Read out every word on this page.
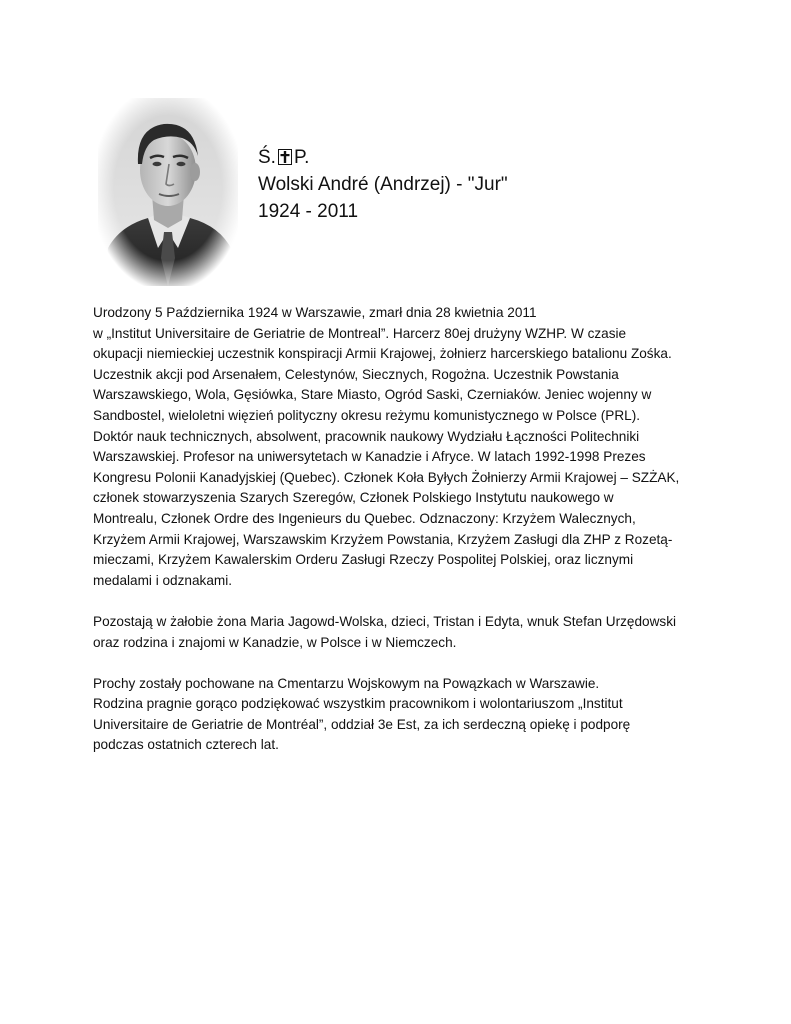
Ś. P.
Wolski André (Andrzej) - "Jur"
1924 - 2011

Urodzony 5 Października 1924 w Warszawie, zmarł dnia 28 kwietnia 2011

w „Institut Universitaire de Geriatrie de Montreal”. Harcerz 80ej drużyny WZHP. W czasie

okupacji niemieckiej uczestnik konspiracji Armii Krajowej, żołnierz harcerskiego batalionu Zośka.

Uczestnik akcji pod Arsenałem, Celestynów, Siecznych, Rogożna. Uczestnik Powstania

Warszawskiego, Wola, Gęsiówka, Stare Miasto, Ogród Saski, Czerniaków. Jeniec wojenny w

Sandbostel, wieloletni więzień polityczny okresu reżymu komunistycznego w Polsce (PRL).

Doktór nauk technicznych, absolwent, pracownik naukowy Wydziału Łączności Politechniki

Warszawskiej. Profesor na uniwersytetach w Kanadzie i Afryce. W latach 1992-1998 Prezes

Kongresu Polonii Kanadyjskiej (Quebec). Członek Koła Byłych Żołnierzy Armii Krajowej – SZŻAK,

członek stowarzyszenia Szarych Szeregów, Członek Polskiego Instytutu naukowego w

Montrealu, Członek Ordre des Ingenieurs du Quebec. Odznaczony: Krzyżem Walecznych,

Krzyżem Armii Krajowej, Warszawskim Krzyżem Powstania, Krzyżem Zasługi dla ZHP z Rozetą-

mieczami, Krzyżem Kawalerskim Orderu Zasługi Rzeczy Pospolitej Polskiej, oraz licznymi

medalami i odznakami.

Pozostają w żałobie żona Maria Jagowd-Wolska, dzieci, Tristan i Edyta, wnuk Stefan Urzędowski

oraz rodzina i znajomi w Kanadzie, w Polsce i w Niemczech.

Prochy zostały pochowane na Cmentarzu Wojskowym na Powązkach w Warszawie.

Rodzina pragnie gorąco podziękować wszystkim pracownikom i wolontariuszom „Institut

Universitaire de Geriatrie de Montréal”, oddział 3e Est, za ich serdeczną opiekę i podporę

podczas ostatnich czterech lat.
